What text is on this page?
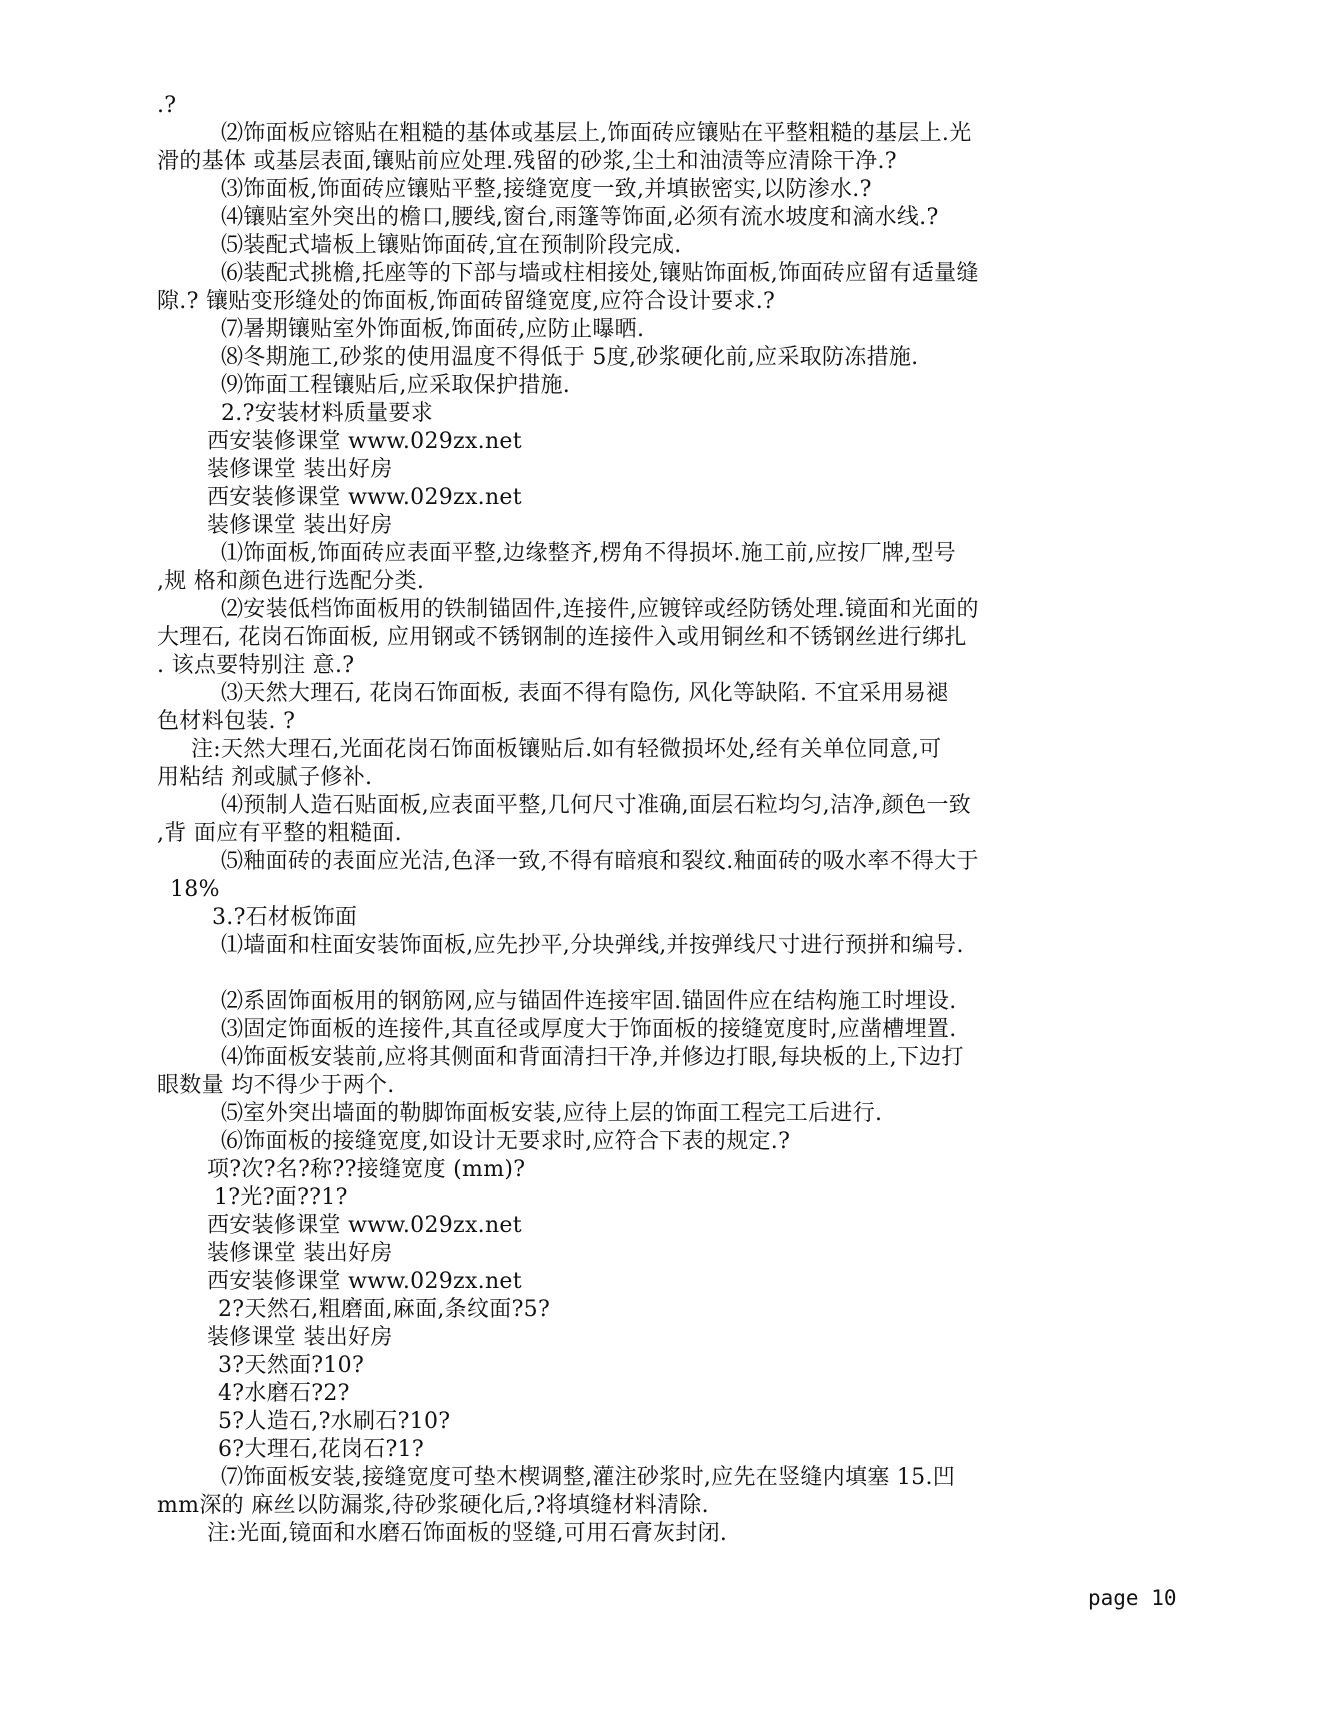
.?
⑵饰面板应镕贴在粗糙的基体或基层上,饰面砖应镶贴在平整粗糙的基层上.光
滑的基体 或基层表面,镶贴前应处理.残留的砂浆,尘土和油渍等应清除干净.?
⑶饰面板,饰面砖应镶贴平整,接缝宽度一致,并填嵌密实,以防渗水.?
⑷镶贴室外突出的檐口,腰线,窗台,雨篷等饰面,必须有流水坡度和滴水线.?
⑸装配式墙板上镶贴饰面砖,宜在预制阶段完成.
⑹装配式挑檐,托座等的下部与墙或柱相接处,镶贴饰面板,饰面砖应留有适量缝
隙.? 镶贴变形缝处的饰面板,饰面砖留缝宽度,应符合设计要求.?
⑺暑期镶贴室外饰面板,饰面砖,应防止曝晒.
⑻冬期施工,砂浆的使用温度不得低于 5度,砂浆硬化前,应采取防冻措施.
⑼饰面工程镶贴后,应采取保护措施.
2.?安装材料质量要求
西安装修课堂 www.029zx.net
装修课堂 装出好房
西安装修课堂 www.029zx.net
装修课堂 装出好房
⑴饰面板,饰面砖应表面平整,边缘整齐,楞角不得损坏.施工前,应按厂牌,型号
,规 格和颜色进行选配分类.
⑵安装低档饰面板用的铁制锚固件,连接件,应镀锌或经防锈处理.镜面和光面的
大理石, 花岗石饰面板, 应用钢或不锈钢制的连接件入或用铜丝和不锈钢丝进行绑扎
. 该点要特别注 意.?
⑶天然大理石, 花岗石饰面板, 表面不得有隐伤, 风化等缺陷. 不宜采用易褪
色材料包装. ?
注:天然大理石,光面花岗石饰面板镶贴后.如有轻微损坏处,经有关单位同意,可
用粘结 剂或腻子修补.
⑷预制人造石贴面板,应表面平整,几何尺寸准确,面层石粒均匀,洁净,颜色一致
,背 面应有平整的粗糙面.
⑸釉面砖的表面应光洁,色泽一致,不得有暗痕和裂纹.釉面砖的吸水率不得大于
18%
3.?石材板饰面
⑴墙面和柱面安装饰面板,应先抄平,分块弹线,并按弹线尺寸进行预拼和编号.
⑵系固饰面板用的钢筋网,应与锚固件连接牢固.锚固件应在结构施工时埋设.
⑶固定饰面板的连接件,其直径或厚度大于饰面板的接缝宽度时,应凿槽埋置.
⑷饰面板安装前,应将其侧面和背面清扫干净,并修边打眼,每块板的上,下边打
眼数量 均不得少于两个.
⑸室外突出墙面的勒脚饰面板安装,应待上层的饰面工程完工后进行.
⑹饰面板的接缝宽度,如设计无要求时,应符合下表的规定.?
项?次?名?称??接缝宽度 (mm)?
1?光?面??1?
西安装修课堂 www.029zx.net
装修课堂 装出好房
西安装修课堂 www.029zx.net
2?天然石,粗磨面,麻面,条纹面?5?
装修课堂 装出好房
3?天然面?10?
4?水磨石?2?
5?人造石,?水刷石?10?
6?大理石,花岗石?1?
⑺饰面板安装,接缝宽度可垫木楔调整,灌注砂浆时,应先在竖缝内填塞 15.凹
mm深的 麻丝以防漏浆,待砂浆硬化后,?将填缝材料清除.
注:光面,镜面和水磨石饰面板的竖缝,可用石膏灰封闭.
page 10
